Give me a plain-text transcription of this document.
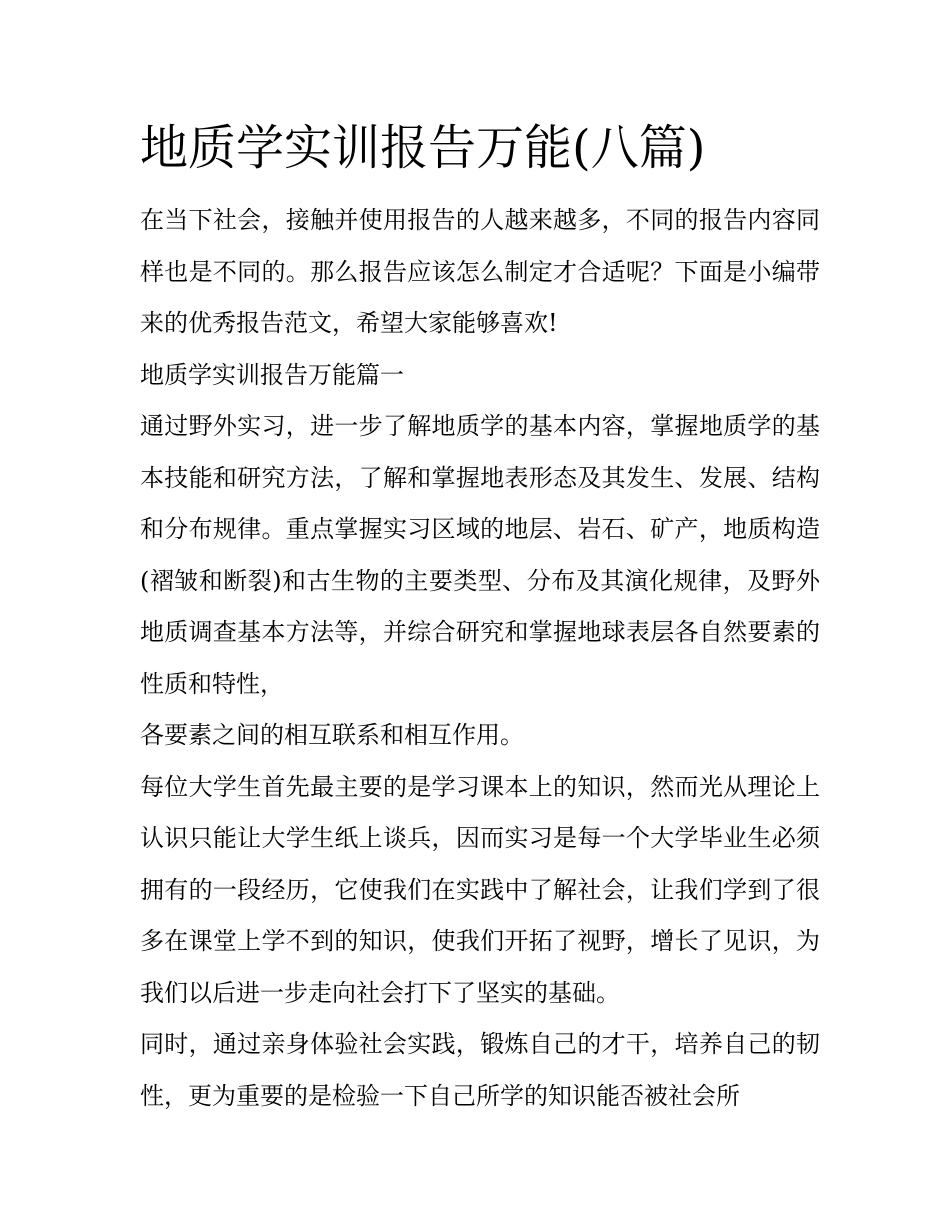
地质学实训报告万能(八篇)

在当下社会，接触并使用报告的人越来越多，不同的报告内容同样也是不同的。那么报告应该怎么制定才合适呢？下面是小编带来的优秀报告范文，希望大家能够喜欢!

地质学实训报告万能篇一

通过野外实习，进一步了解地质学的基本内容，掌握地质学的基本技能和研究方法，了解和掌握地表形态及其发生、发展、结构和分布规律。重点掌握实习区域的地层、岩石、矿产，地质构造(褶皱和断裂)和古生物的主要类型、分布及其演化规律，及野外地质调查基本方法等，并综合研究和掌握地球表层各自然要素的性质和特性，

各要素之间的相互联系和相互作用。

每位大学生首先最主要的是学习课本上的知识，然而光从理论上认识只能让大学生纸上谈兵，因而实习是每一个大学毕业生必须拥有的一段经历，它使我们在实践中了解社会，让我们学到了很多在课堂上学不到的知识，使我们开拓了视野，增长了见识，为我们以后进一步走向社会打下了坚实的基础。

同时，通过亲身体验社会实践，锻炼自己的才干，培养自己的韧性，更为重要的是检验一下自己所学的知识能否被社会所
